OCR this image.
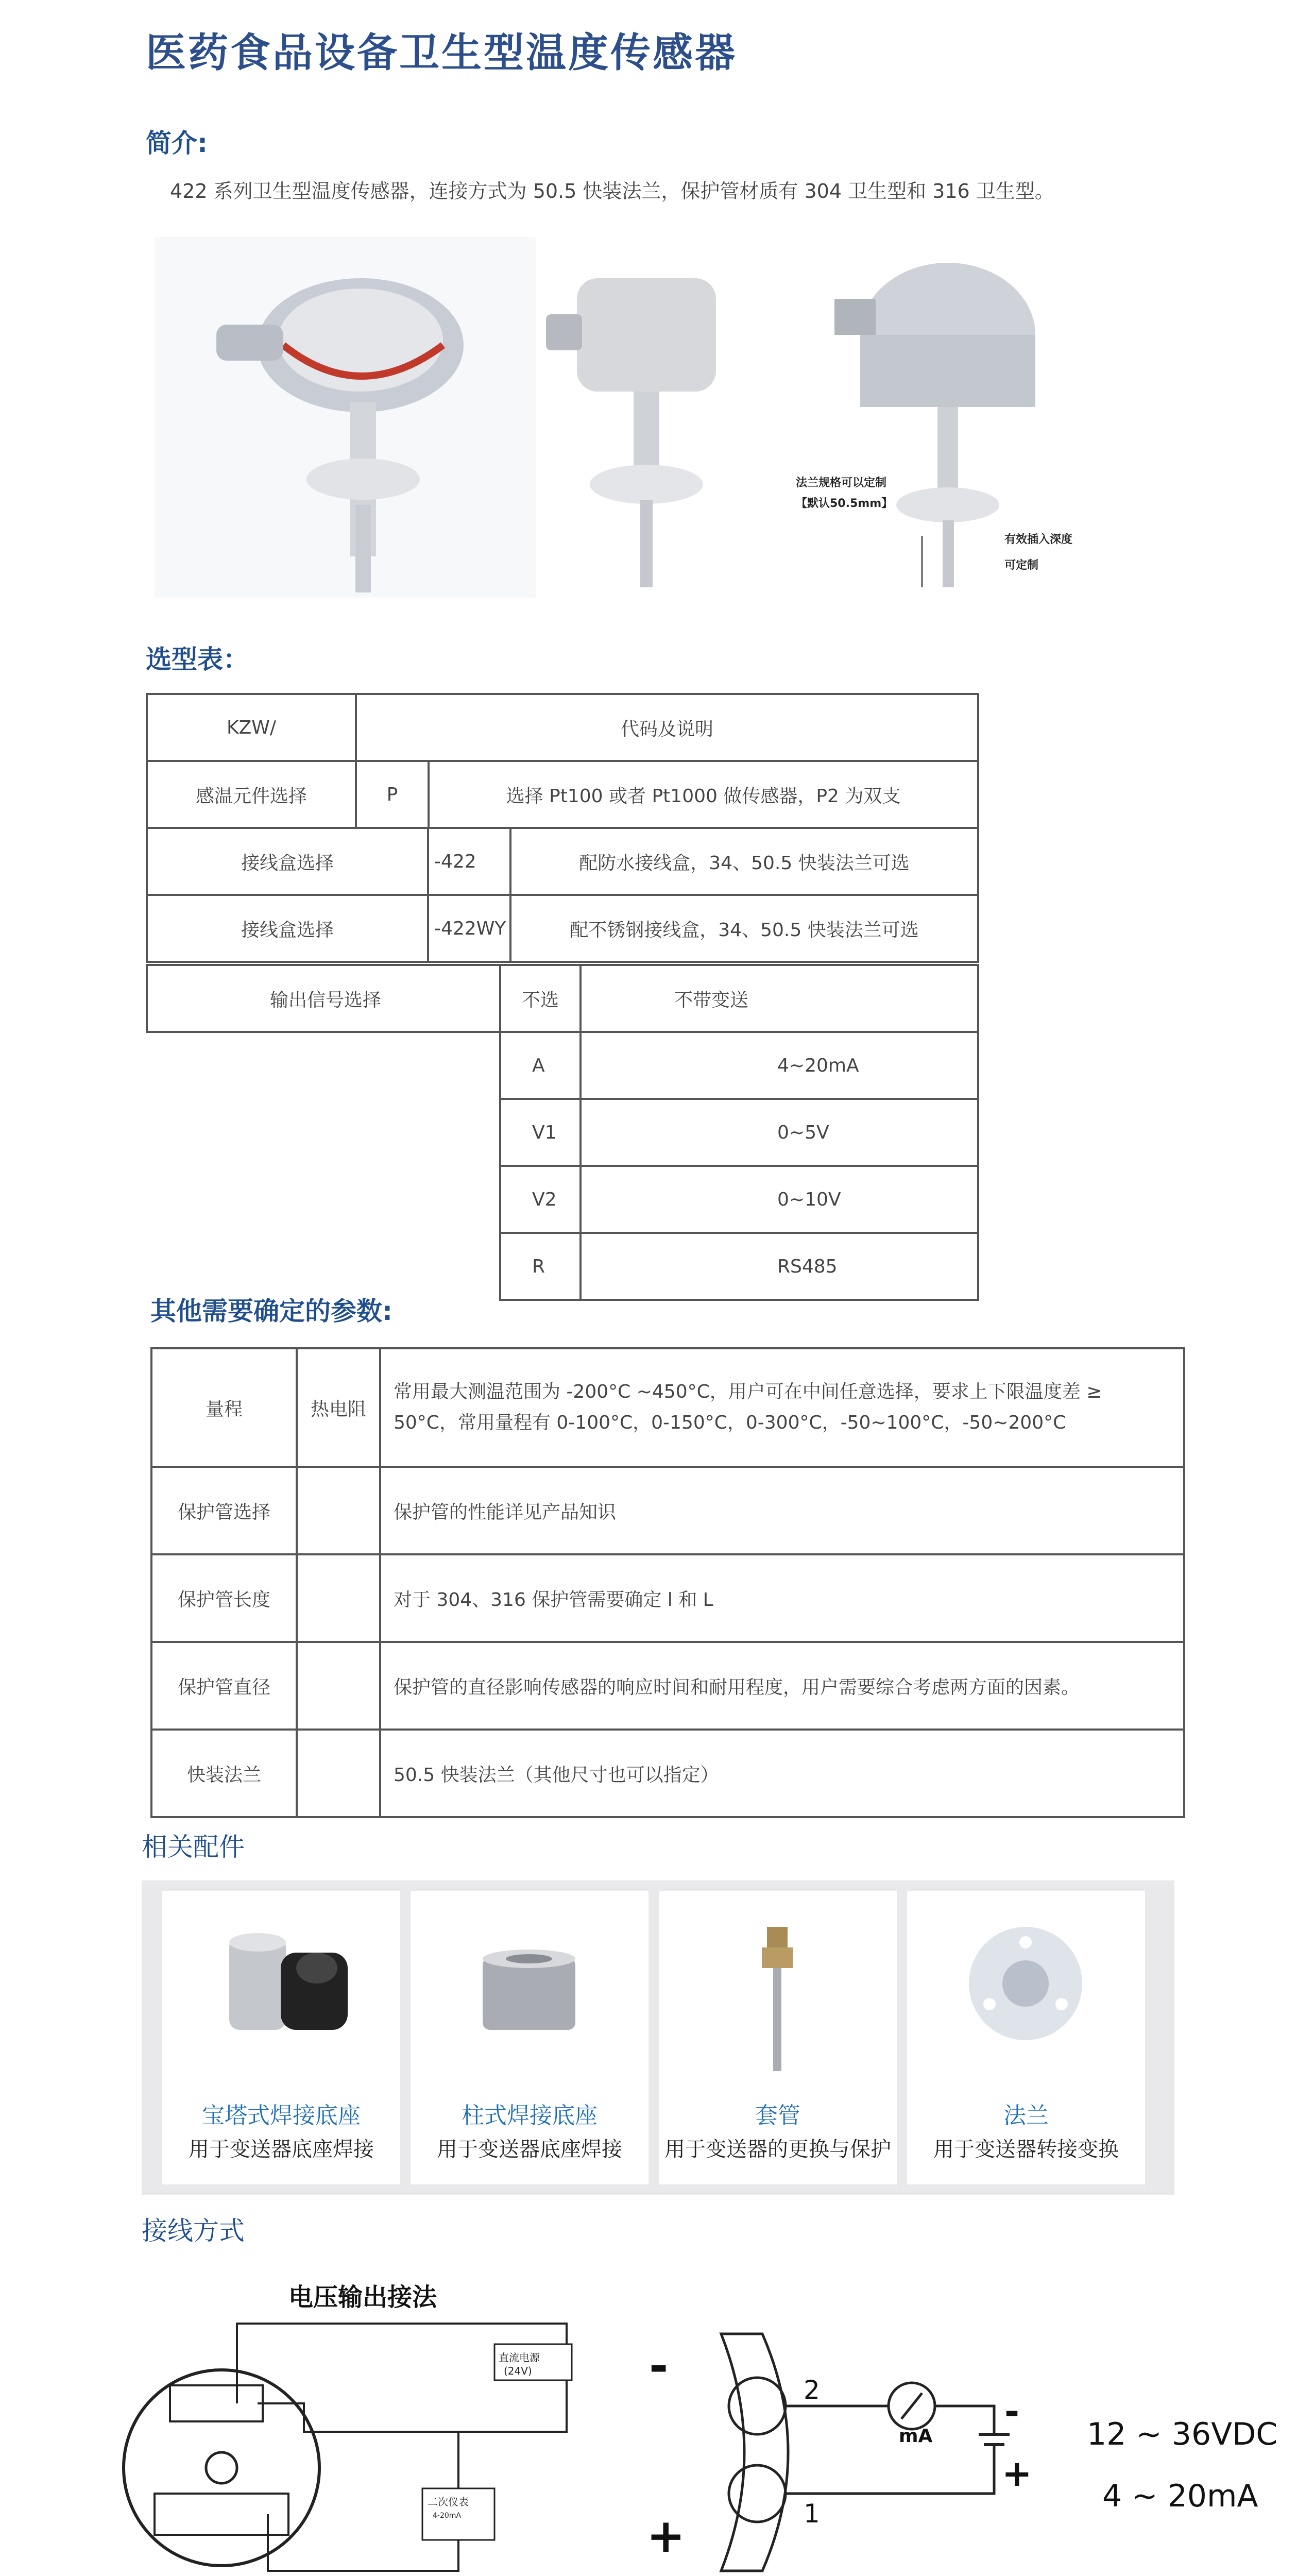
医药食品设备卫生型温度传感器
简介:
422 系列卫生型温度传感器，连接方式为 50.5 快装法兰，保护管材质有 304 卫生型和 316 卫生型。
法兰规格可以定制
【默认50.5mm】
有效插入深度
可定制
选型表：
KZW/	代码及说明	
感温元件选择	P	选择 Pt100 或者 Pt1000 做传感器，P2 为双支
接线盒选择	-422	配防水接线盒，34、50.5 快装法兰可选
接线盒选择	-422WY	配不锈钢接线盒，34、50.5 快装法兰可选
输出信号选择	不选	不带变送
A	4~20mA
V1	0~5V
V2	0~10V
R	RS485
其他需要确定的参数:
量程	热电阻	常用最大测温范围为 -200°C ~450°C，用户可在中间任意选择，要求上下限温度差 ≥ 50°C，常用量程有 0-100°C，0-150°C，0-300°C，-50~100°C，-50~200°C
保护管选择		保护管的性能详见产品知识
保护管长度		对于 304、316 保护管需要确定 l 和 L
保护管直径		保护管的直径影响传感器的响应时间和耐用程度，用户需要综合考虑两方面的因素。
快装法兰		50.5 快装法兰（其他尺寸也可以指定）
相关配件
宝塔式焊接底座
用于变送器底座焊接
柱式焊接底座
用于变送器底座焊接
套管
用于变送器的更换与保护
法兰
用于变送器转接变换
接线方式
电压输出接法
直流电源
(24V)
二次仪表
4-20mA
-
+
2
1
mA
-
+
12 ~ 36VDC
4 ~ 20mA
